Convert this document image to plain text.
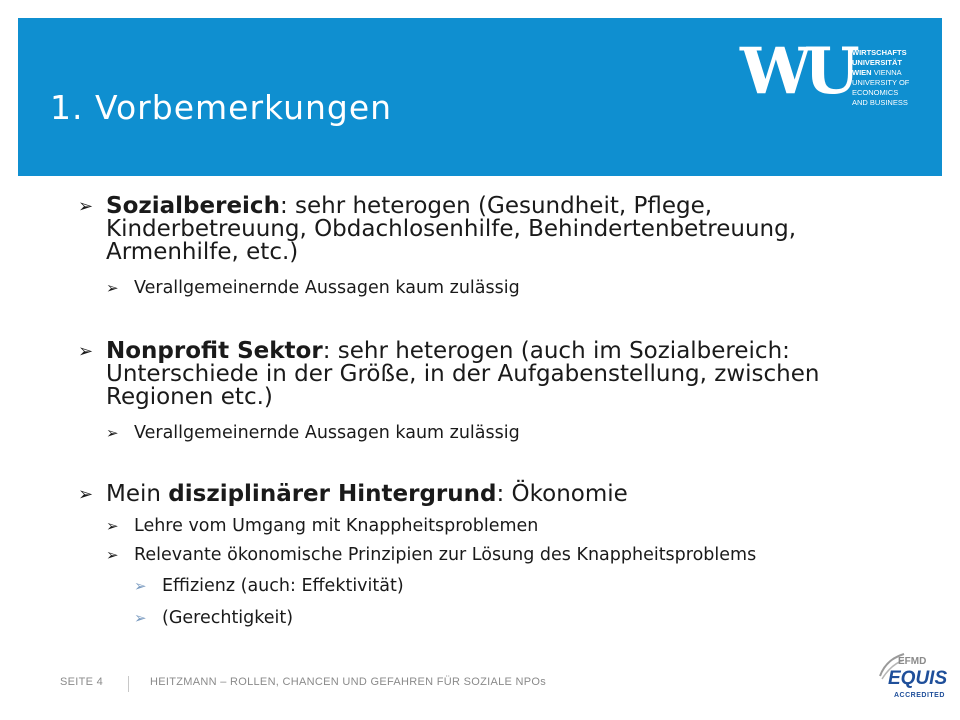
1. Vorbemerkungen	WU WIRTSCHAFTS
UNIVERSITÄT
WIEN VIENNA
UNIVERSITY OF
ECONOMICS
AND BUSINESS
➢ Sozialbereich: sehr heterogen (Gesundheit, Pflege, Kinderbetreuung, Obdachlosenhilfe, Behindertenbetreuung, Armenhilfe, etc.)
➢ Verallgemeinernde Aussagen kaum zulässig
➢ Nonprofit Sektor: sehr heterogen (auch im Sozialbereich: Unterschiede in der Größe, in der Aufgabenstellung, zwischen Regionen etc.)
➢ Verallgemeinernde Aussagen kaum zulässig
➢ Mein disziplinärer Hintergrund: Ökonomie
➢ Lehre vom Umgang mit Knappheitsproblemen
➢ Relevante ökonomische Prinzipien zur Lösung des Knappheitsproblems
➢ Effizienz (auch: Effektivität)
➢ (Gerechtigkeit)
SEITE 4	HEITZMANN – ROLLEN, CHANCEN UND GEFAHREN FÜR SOZIALE NPOs
EFMD
EQUIS
ACCREDITED
